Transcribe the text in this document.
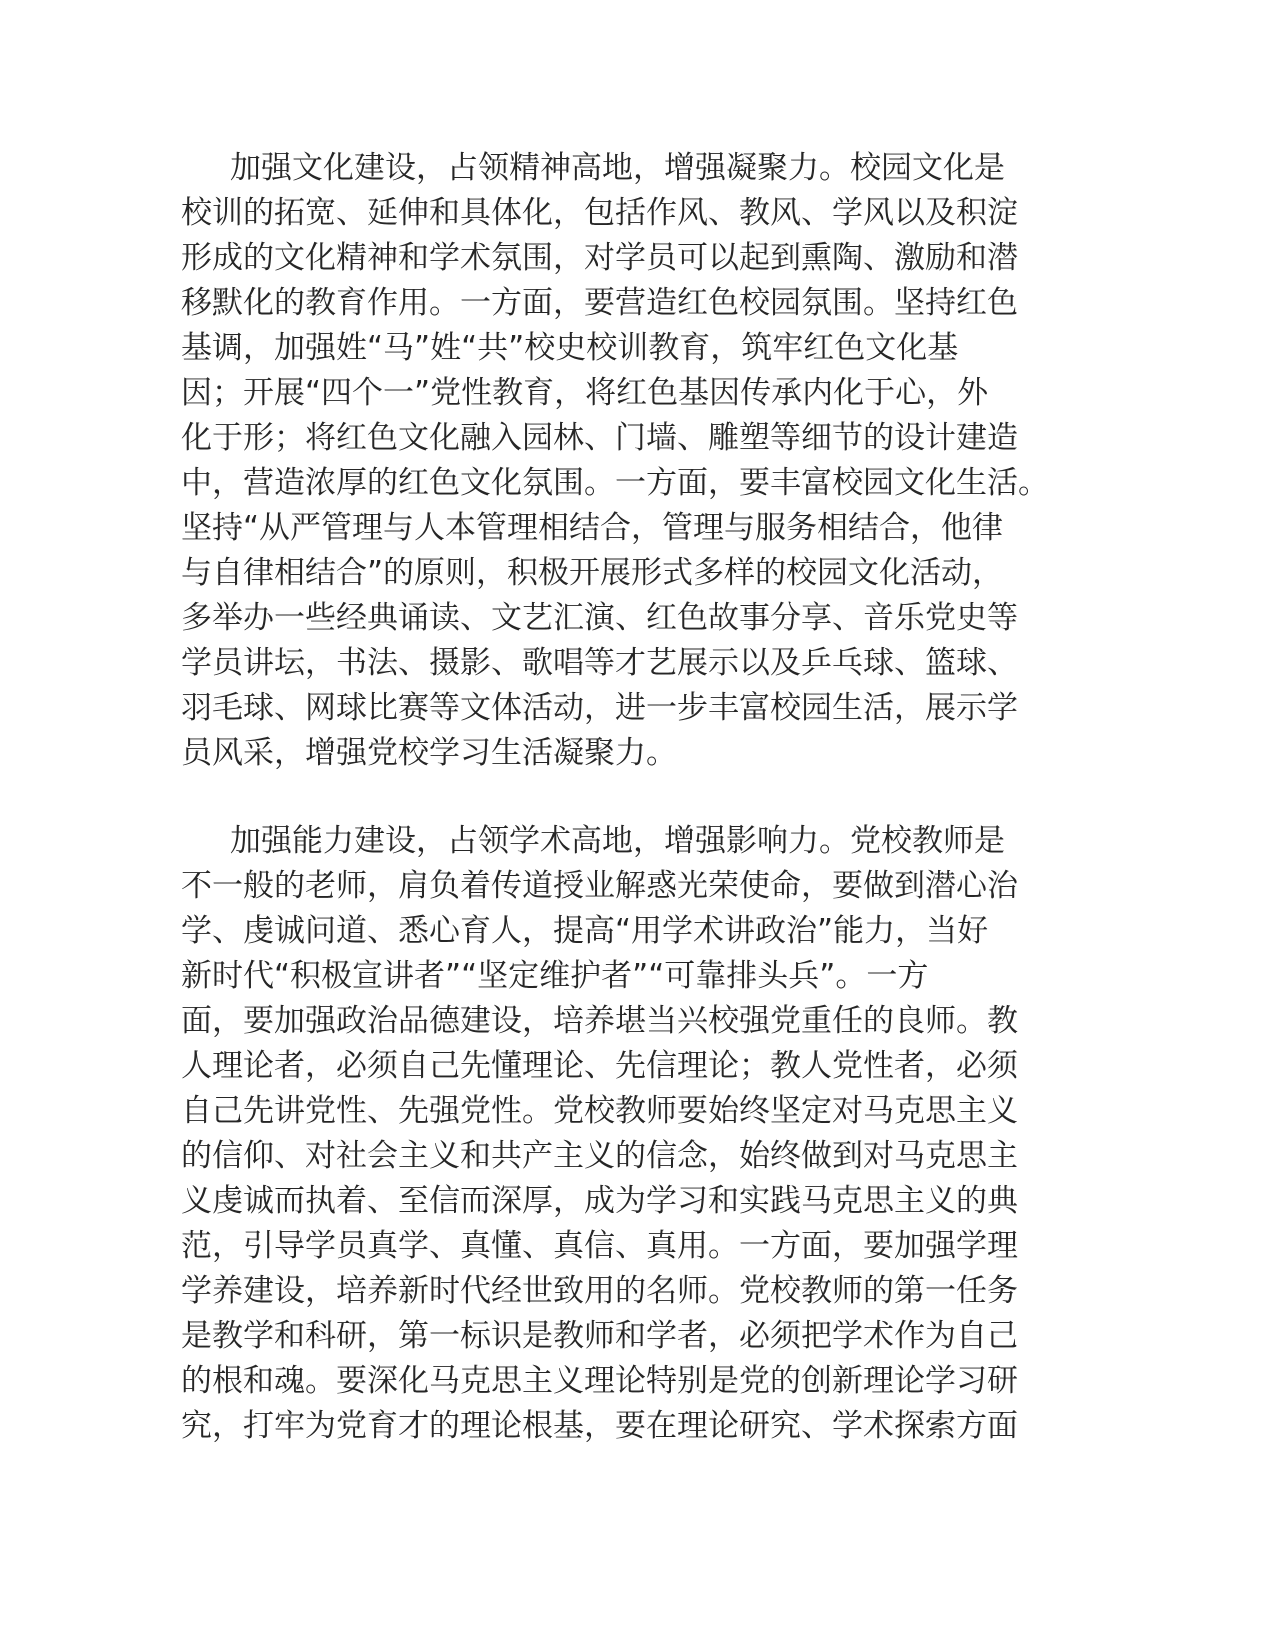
加强文化建设，占领精神高地，增强凝聚力。校园文化是
校训的拓宽、延伸和具体化，包括作风、教风、学风以及积淀
形成的文化精神和学术氛围，对学员可以起到熏陶、激励和潜
移默化的教育作用。一方面，要营造红色校园氛围。坚持红色
基调，加强姓“马”姓“共”校史校训教育，筑牢红色文化基
因；开展“四个一”党性教育，将红色基因传承内化于心，外
化于形；将红色文化融入园林、门墙、雕塑等细节的设计建造
中，营造浓厚的红色文化氛围。一方面，要丰富校园文化生活。
坚持“从严管理与人本管理相结合，管理与服务相结合，他律
与自律相结合”的原则，积极开展形式多样的校园文化活动，
多举办一些经典诵读、文艺汇演、红色故事分享、音乐党史等
学员讲坛，书法、摄影、歌唱等才艺展示以及乒乓球、篮球、
羽毛球、网球比赛等文体活动，进一步丰富校园生活，展示学
员风采，增强党校学习生活凝聚力。

加强能力建设，占领学术高地，增强影响力。党校教师是
不一般的老师，肩负着传道授业解惑光荣使命，要做到潜心治
学、虔诚问道、悉心育人，提高“用学术讲政治”能力，当好
新时代“积极宣讲者”“坚定维护者”“可靠排头兵”。一方
面，要加强政治品德建设，培养堪当兴校强党重任的良师。教
人理论者，必须自己先懂理论、先信理论；教人党性者，必须
自己先讲党性、先强党性。党校教师要始终坚定对马克思主义
的信仰、对社会主义和共产主义的信念，始终做到对马克思主
义虔诚而执着、至信而深厚，成为学习和实践马克思主义的典
范，引导学员真学、真懂、真信、真用。一方面，要加强学理
学养建设，培养新时代经世致用的名师。党校教师的第一任务
是教学和科研，第一标识是教师和学者，必须把学术作为自己
的根和魂。要深化马克思主义理论特别是党的创新理论学习研
究，打牢为党育才的理论根基，要在理论研究、学术探索方面
